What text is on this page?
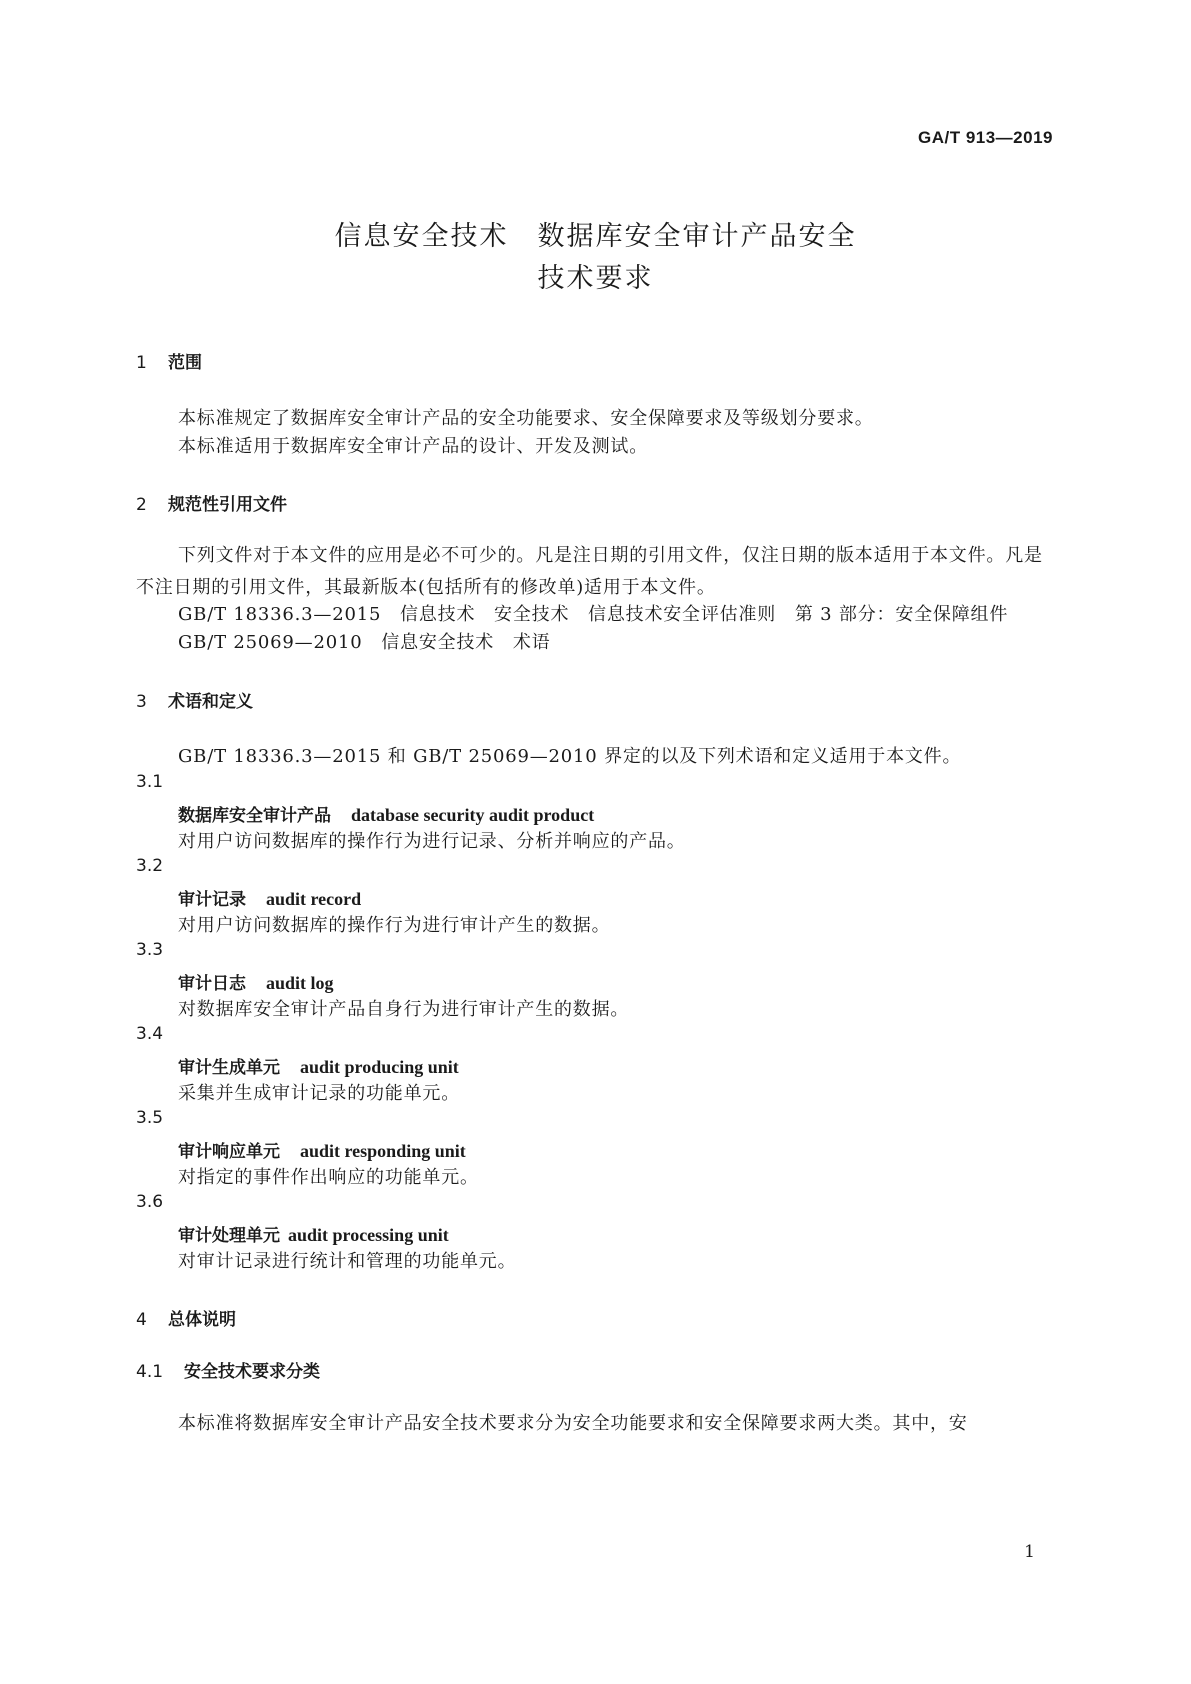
GA/T 913—2019
信息安全技术　数据库安全审计产品安全
技术要求
1 范围
本标准规定了数据库安全审计产品的安全功能要求、安全保障要求及等级划分要求。
本标准适用于数据库安全审计产品的设计、开发及测试。
2 规范性引用文件
下列文件对于本文件的应用是必不可少的。凡是注日期的引用文件，仅注日期的版本适用于本文件。凡是不注日期的引用文件，其最新版本(包括所有的修改单)适用于本文件。
GB/T 18336.3—2015　信息技术　安全技术　信息技术安全评估准则　第 3 部分：安全保障组件
GB/T 25069—2010　信息安全技术　术语
3 术语和定义
GB/T 18336.3—2015 和 GB/T 25069—2010 界定的以及下列术语和定义适用于本文件。
3.1
数据库安全审计产品 database security audit product
对用户访问数据库的操作行为进行记录、分析并响应的产品。
3.2
审计记录 audit record
对用户访问数据库的操作行为进行审计产生的数据。
3.3
审计日志 audit log
对数据库安全审计产品自身行为进行审计产生的数据。
3.4
审计生成单元 audit producing unit
采集并生成审计记录的功能单元。
3.5
审计响应单元 audit responding unit
对指定的事件作出响应的功能单元。
3.6
审计处理单元 audit processing unit
对审计记录进行统计和管理的功能单元。
4 总体说明
4.1 安全技术要求分类
本标准将数据库安全审计产品安全技术要求分为安全功能要求和安全保障要求两大类。其中，安
1
